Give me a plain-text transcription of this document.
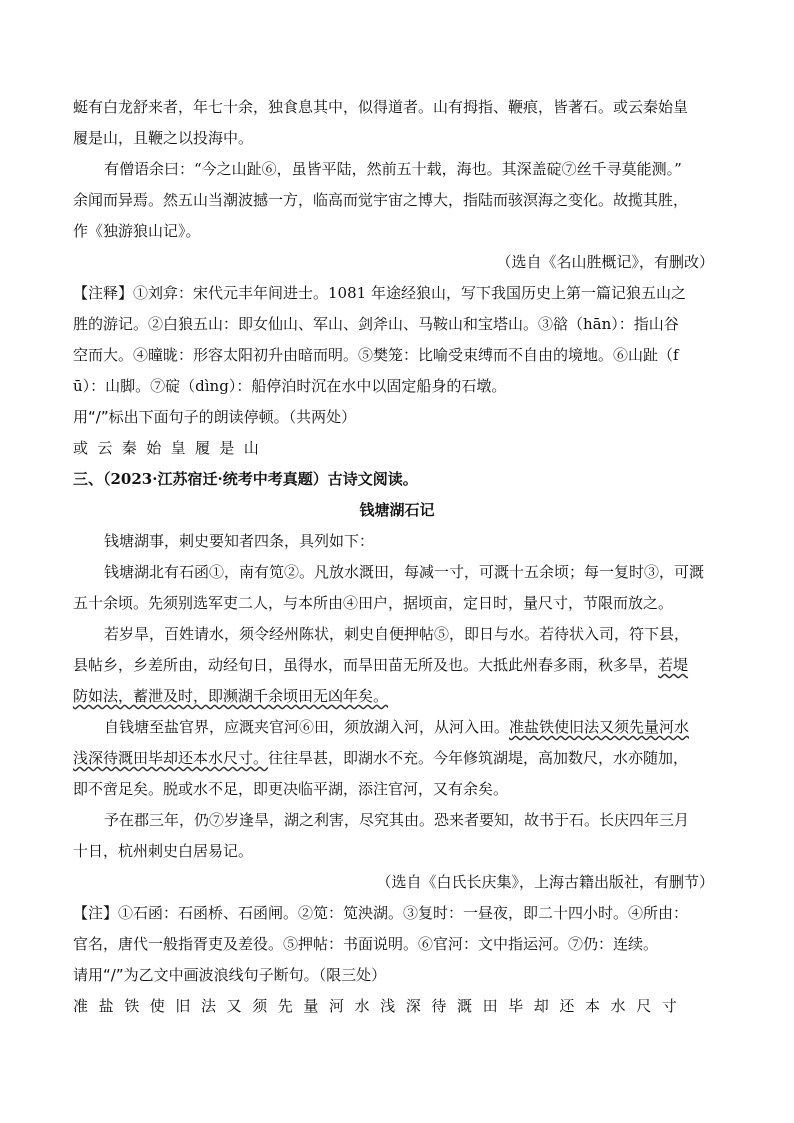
蜓有白龙舒来者，年七十余，独食息其中，似得道者。山有拇指、鞭痕，皆著石。或云秦始皇
履是山，且鞭之以投海中。
有僧语余曰：“今之山趾⑥，虽皆平陆，然前五十载，海也。其深盖碇⑦丝千寻莫能测。”
余闻而异焉。然五山当潮波撼一方，临高而觉宇宙之博大，指陆而骇溟海之变化。故揽其胜，
作《独游狼山记》。
（选自《名山胜概记》，有删改）
【注释】①刘弇：宋代元丰年间进士。1081 年途经狼山，写下我国历史上第一篇记狼五山之
胜的游记。②白狼五山：即女仙山、军山、剑斧山、马鞍山和宝塔山。③谽（hān）：指山谷
空而大。④曈昽：形容太阳初升由暗而明。⑤樊笼：比喻受束缚而不自由的境地。⑥山趾（f
ū）：山脚。⑦碇（dìng）：船停泊时沉在水中以固定船身的石墩。
用“/”标出下面句子的朗读停顿。（共两处）
或云秦始皇履是山
三、（2023·江苏宿迁·统考中考真题）古诗文阅读。
钱塘湖石记
钱塘湖事，刺史要知者四条，具列如下：
钱塘湖北有石函①，南有笕②。凡放水溉田，每减一寸，可溉十五余顷；每一复时③，可溉
五十余顷。先须别选军吏二人，与本所由④田户，据顷亩，定日时，量尺寸，节限而放之。
若岁旱，百姓请水，须令经州陈状，刺史自便押帖⑤，即日与水。若待状入司，符下县，
县帖乡，乡差所由，动经旬日，虽得水，而旱田苗无所及也。大抵此州春多雨，秋多旱，若堤
防如法，蓄泄及时，即濒湖千余顷田无凶年矣。
自钱塘至盐官界，应溉夹官河⑥田，须放湖入河，从河入田。准盐铁使旧法又须先量河水
浅深待溉田毕却还本水尺寸。往往旱甚，即湖水不充。今年修筑湖堤，高加数尺，水亦随加，
即不啻足矣。脱或水不足，即更决临平湖，添注官河，又有余矣。
予在郡三年，仍⑦岁逢旱，湖之利害，尽究其由。恐来者要知，故书于石。长庆四年三月
十日，杭州刺史白居易记。
（选自《白氏长庆集》，上海古籍出版社，有删节）
【注】①石函：石函桥、石函闸。②笕：笕泱湖。③复时：一昼夜，即二十四小时。④所由：
官名，唐代一般指胥吏及差役。⑤押帖：书面说明。⑥官河：文中指运河。⑦仍：连续。
请用“/”为乙文中画波浪线句子断句。（限三处）
准盐铁使旧法又须先量河水浅深待溉田毕却还本水尺寸
